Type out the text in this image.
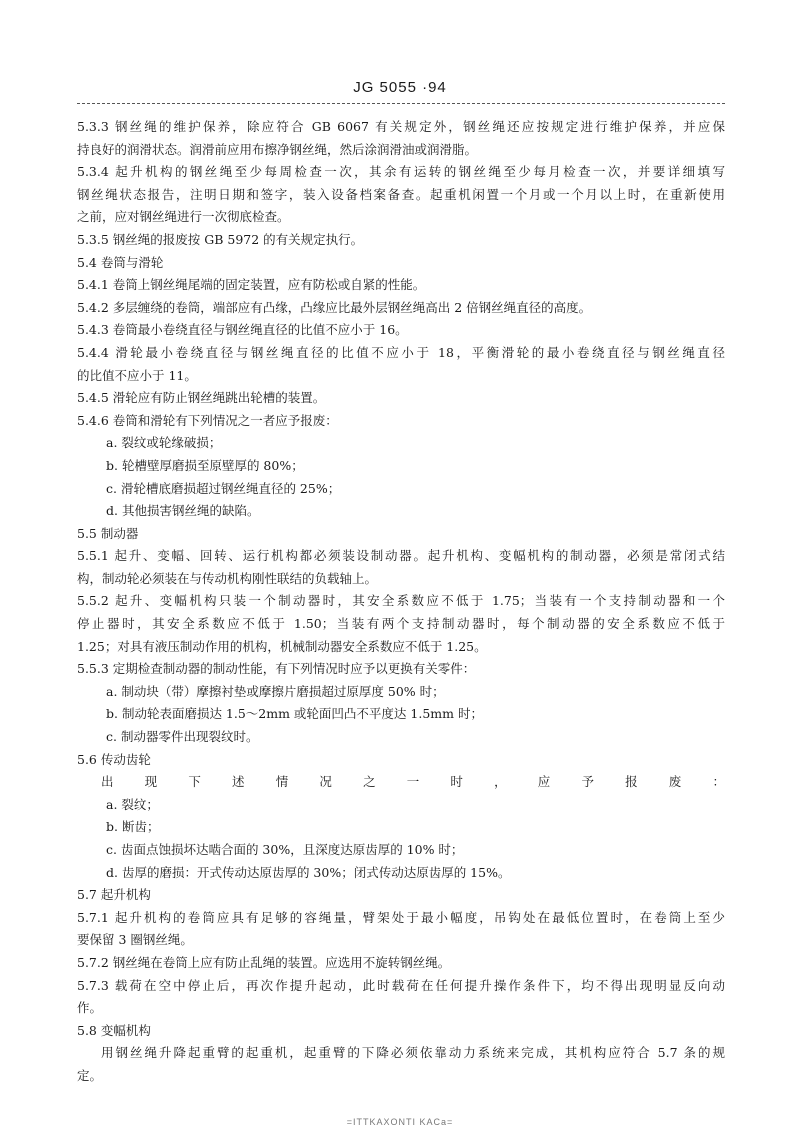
JG 5055 ·94
5.3.3 钢丝绳的维护保养，除应符合 GB 6067 有关规定外，钢丝绳还应按规定进行维护保养，并应保
持良好的润滑状态。润滑前应用布擦净钢丝绳，然后涂润滑油或润滑脂。
5.3.4 起升机构的钢丝绳至少每周检查一次，其余有运转的钢丝绳至少每月检查一次，并要详细填写
钢丝绳状态报告，注明日期和签字，装入设备档案备查。起重机闲置一个月或一个月以上时，在重新使用
之前，应对钢丝绳进行一次彻底检查。
5.3.5 钢丝绳的报废按 GB 5972 的有关规定执行。
5.4 卷筒与滑轮
5.4.1 卷筒上钢丝绳尾端的固定装置，应有防松或自紧的性能。
5.4.2 多层缠绕的卷筒，端部应有凸缘，凸缘应比最外层钢丝绳高出 2 倍钢丝绳直径的高度。
5.4.3 卷筒最小卷绕直径与钢丝绳直径的比值不应小于 16。
5.4.4 滑轮最小卷绕直径与钢丝绳直径的比值不应小于 18，平衡滑轮的最小卷绕直径与钢丝绳直径
的比值不应小于 11。
5.4.5 滑轮应有防止钢丝绳跳出轮槽的装置。
5.4.6 卷筒和滑轮有下列情况之一者应予报废：
a. 裂纹或轮缘破损；
b. 轮槽壁厚磨损至原壁厚的 80%；
c. 滑轮槽底磨损超过钢丝绳直径的 25%；
d. 其他损害钢丝绳的缺陷。
5.5 制动器
5.5.1 起升、变幅、回转、运行机构都必须装设制动器。起升机构、变幅机构的制动器，必须是常闭式结
构，制动轮必须装在与传动机构刚性联结的负载轴上。
5.5.2 起升、变幅机构只装一个制动器时，其安全系数应不低于 1.75；当装有一个支持制动器和一个
停止器时，其安全系数应不低于 1.50；当装有两个支持制动器时，每个制动器的安全系数应不低于
1.25；对具有液压制动作用的机构，机械制动器安全系数应不低于 1.25。
5.5.3 定期检查制动器的制动性能，有下列情况时应予以更换有关零件：
a. 制动块（带）摩擦衬垫或摩擦片磨损超过原厚度 50% 时；
b. 制动轮表面磨损达 1.5～2mm 或轮面凹凸不平度达 1.5mm 时；
c. 制动器零件出现裂纹时。
5.6 传动齿轮
出现下述情况之一时，应予报废：
a. 裂纹；
b. 断齿；
c. 齿面点蚀损坏达啮合面的 30%，且深度达原齿厚的 10% 时；
d. 齿厚的磨损：开式传动达原齿厚的 30%；闭式传动达原齿厚的 15%。
5.7 起升机构
5.7.1 起升机构的卷筒应具有足够的容绳量，臂架处于最小幅度，吊钩处在最低位置时，在卷筒上至少
要保留 3 圈钢丝绳。
5.7.2 钢丝绳在卷筒上应有防止乱绳的装置。应选用不旋转钢丝绳。
5.7.3 载荷在空中停止后，再次作提升起动，此时载荷在任何提升操作条件下，均不得出现明显反向动
作。
5.8 变幅机构
用钢丝绳升降起重臂的起重机，起重臂的下降必须依靠动力系统来完成，其机构应符合 5.7 条的规
定。
=ITTKAXONTI KACa=
